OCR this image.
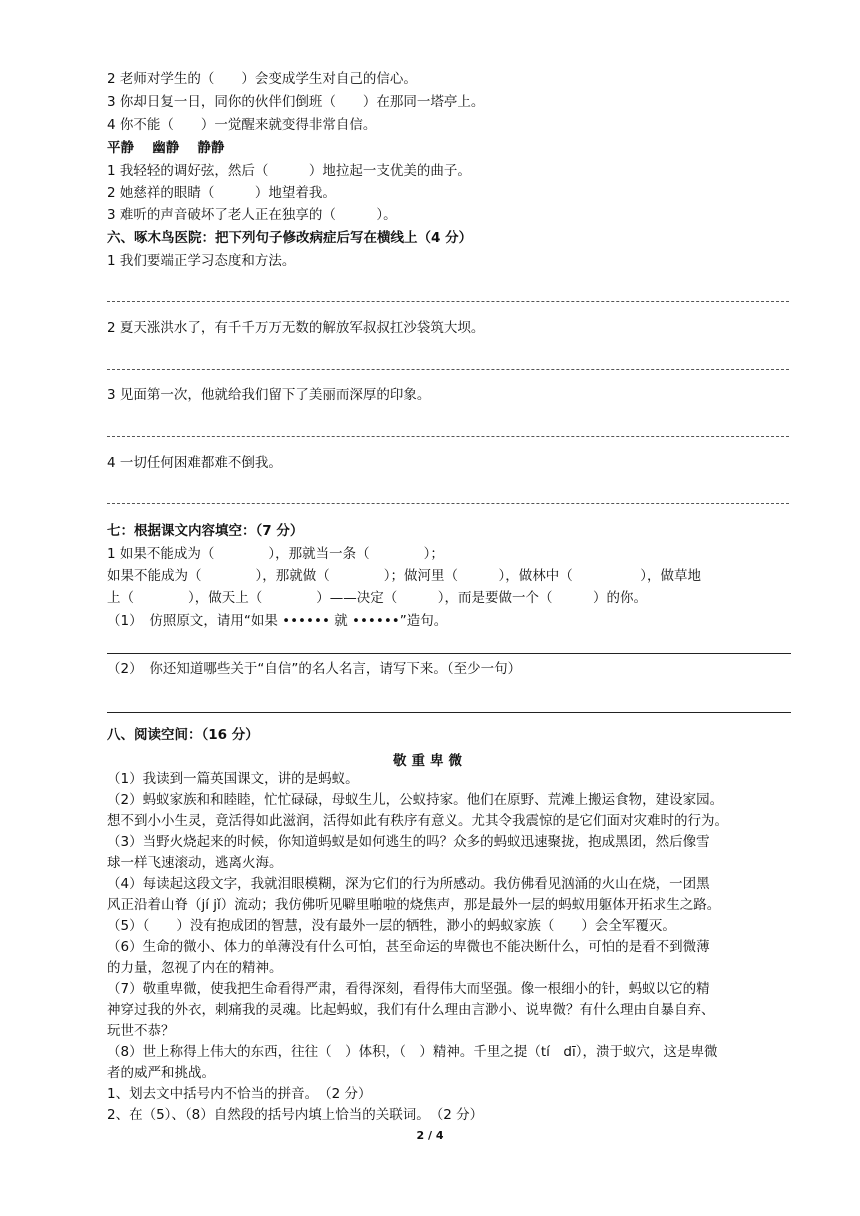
2 老师对学生的（　　）会变成学生对自己的信心。
3 你却日复一日，同你的伙伴们倒班（　　）在那同一塔亭上。
4 你不能（　　）一觉醒来就变得非常自信。
平静　 幽静　 静静
1 我轻轻的调好弦，然后（　　　）地拉起一支优美的曲子。
2 她慈祥的眼睛（　　　）地望着我。
3 难听的声音破坏了老人正在独享的（　　　）。
六、啄木鸟医院：把下列句子修改病症后写在横线上（4 分）
1 我们要端正学习态度和方法。
2 夏天涨洪水了，有千千万万无数的解放军叔叔扛沙袋筑大坝。
3 见面第一次，他就给我们留下了美丽而深厚的印象。
4 一切任何困难都难不倒我。
七：根据课文内容填空：（7 分）
1 如果不能成为（　　　　），那就当一条（　　　　）；
如果不能成为（　　　　），那就做（　　　　）；做河里（　　　），做林中（　　　　　），做草地
上（　　　　），做天上（　　　　）——决定（　　　），而是要做一个（　　　）的你。
（1）　仿照原文，请用“如果 •••••• 就 ••••••”造句。
（2）　你还知道哪些关于“自信”的名人名言，请写下来。（至少一句）
八、阅读空间：（16 分）
敬重卑微
（1）我读到一篇英国课文，讲的是蚂蚁。
（2）蚂蚁家族和和睦睦，忙忙碌碌，母蚁生儿，公蚁持家。他们在原野、荒滩上搬运食物，建设家园。
想不到小小生灵，竟活得如此滋润，活得如此有秩序有意义。尤其令我震惊的是它们面对灾难时的行为。
（3）当野火烧起来的时候，你知道蚂蚁是如何逃生的吗？众多的蚂蚁迅速聚拢，抱成黑团，然后像雪
球一样飞速滚动，逃离火海。
（4）每读起这段文字，我就泪眼模糊，深为它们的行为所感动。我仿佛看见汹涌的火山在烧，一团黑
风正沿着山脊（jí jǐ）流动；我仿佛听见噼里啪啦的烧焦声，那是最外一层的蚂蚁用躯体开拓求生之路。
（5）（　　）没有抱成团的智慧，没有最外一层的牺牲，渺小的蚂蚁家族（　　）会全军覆灭。
（6）生命的微小、体力的单薄没有什么可怕，甚至命运的卑微也不能决断什么，可怕的是看不到微薄
的力量，忽视了内在的精神。
（7）敬重卑微，使我把生命看得严肃，看得深刻，看得伟大而坚强。像一根细小的针，蚂蚁以它的精
神穿过我的外衣，刺痛我的灵魂。比起蚂蚁，我们有什么理由言渺小、说卑微？有什么理由自暴自弃、
玩世不恭？
（8）世上称得上伟大的东西，往往（　）体积，（　）精神。千里之提（tí　dī），溃于蚁穴，这是卑微
者的威严和挑战。
1、划去文中括号内不恰当的拼音。　（2 分）
2、在（5）、（8）自然段的括号内填上恰当的关联词。　（2 分）
2 / 4
